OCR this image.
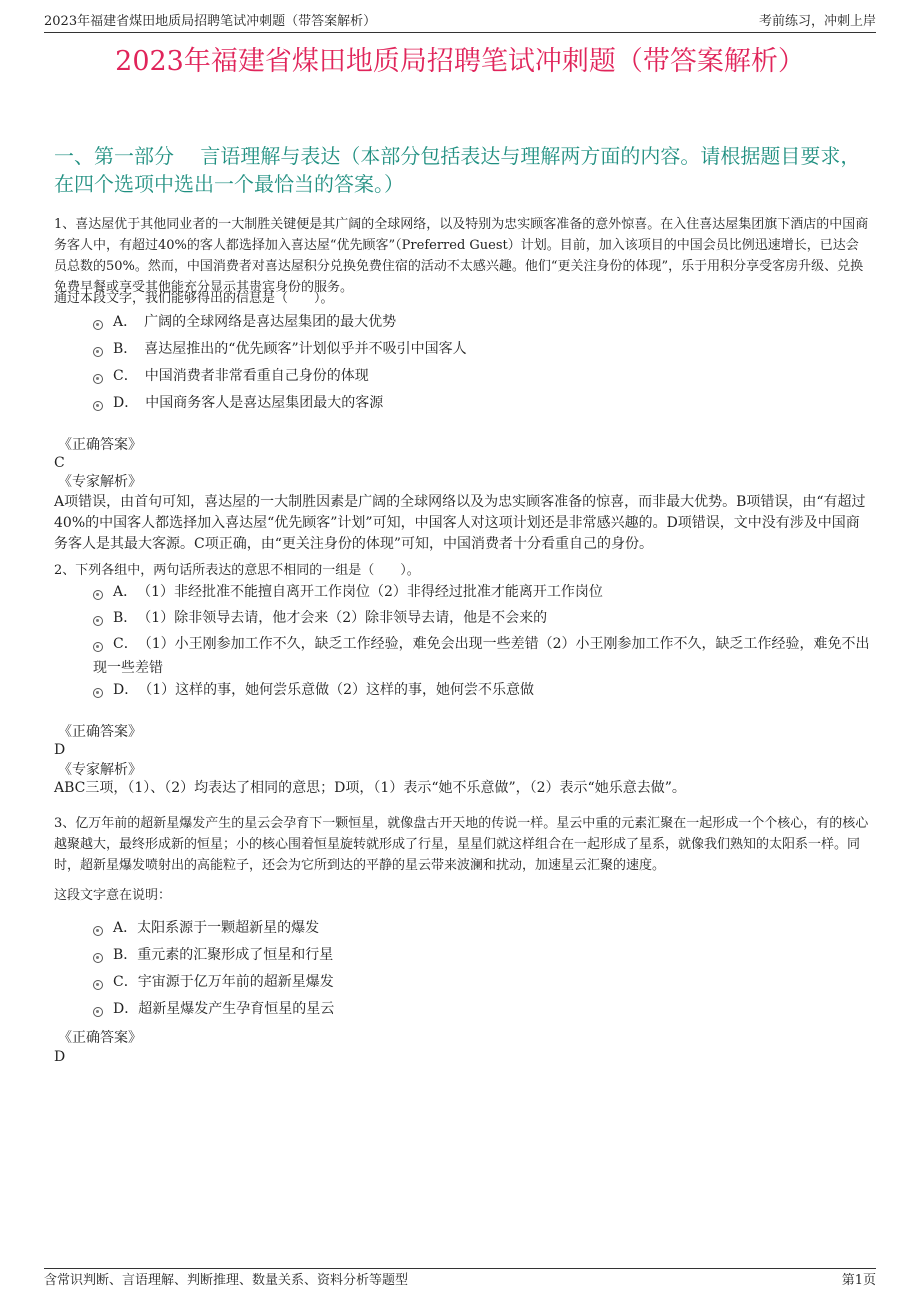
2023年福建省煤田地质局招聘笔试冲刺题（带答案解析）	考前练习，冲刺上岸
2023年福建省煤田地质局招聘笔试冲刺题（带答案解析）
一、第一部分　 言语理解与表达（本部分包括表达与理解两方面的内容。请根据题目要求，在四个选项中选出一个最恰当的答案。）

1、喜达屋优于其他同业者的一大制胜关键便是其广阔的全球网络，以及特别为忠实顾客准备的意外惊喜。在入住喜达屋集团旗下酒店的中国商务客人中，有超过40%的客人都选择加入喜达屋“优先顾客”（Preferred Guest）计划。目前，加入该项目的中国会员比例迅速增长，已达会员总数的50%。然而，中国消费者对喜达屋积分兑换免费住宿的活动不太感兴趣。他们“更关注身份的体现”，乐于用积分享受客房升级、兑换免费早餐或享受其他能充分显示其贵宾身份的服务。

通过本段文字，我们能够得出的信息是（　　）。

A．　广阔的全球网络是喜达屋集团的最大优势
B．　喜达屋推出的“优先顾客”计划似乎并不吸引中国客人
C．　中国消费者非常看重自己身份的体现
D．　中国商务客人是喜达屋集团最大的客源
《正确答案》
C
《专家解析》
A项错误，由首句可知，喜达屋的一大制胜因素是广阔的全球网络以及为忠实顾客准备的惊喜，而非最大优势。B项错误，由“有超过40%的中国客人都选择加入喜达屋“优先顾客”计划”可知，中国客人对这项计划还是非常感兴趣的。D项错误，文中没有涉及中国商务客人是其最大客源。C项正确，由“更关注身份的体现”可知，中国消费者十分看重自己的身份。

2、下列各组中，两句话所表达的意思不相同的一组是（　　）。

A．　（1）非经批准不能擅自离开工作岗位（2）非得经过批准才能离开工作岗位
B．　（1）除非领导去请，他才会来（2）除非领导去请，他是不会来的
C．　（1）小王刚参加工作不久，缺乏工作经验，难免会出现一些差错（2）小王刚参加工作不久，缺乏工作经验，难免不出现一些差错
D．　（1）这样的事，她何尝乐意做（2）这样的事，她何尝不乐意做
《正确答案》
D
《专家解析》
ABC三项，（1）、（2）均表达了相同的意思；D项，（1）表示“她不乐意做”，（2）表示“她乐意去做”。

3、亿万年前的超新星爆发产生的星云会孕育下一颗恒星，就像盘古开天地的传说一样。星云中重的元素汇聚在一起形成一个个核心，有的核心越聚越大，最终形成新的恒星；小的核心围着恒星旋转就形成了行星，星星们就这样组合在一起形成了星系，就像我们熟知的太阳系一样。同时，超新星爆发喷射出的高能粒子，还会为它所到达的平静的星云带来波澜和扰动，加速星云汇聚的速度。

这段文字意在说明：

A．太阳系源于一颗超新星的爆发
B．重元素的汇聚形成了恒星和行星
C．宇宙源于亿万年前的超新星爆发
D．超新星爆发产生孕育恒星的星云
《正确答案》
D
含常识判断、言语理解、判断推理、数量关系、资料分析等题型	第1页
